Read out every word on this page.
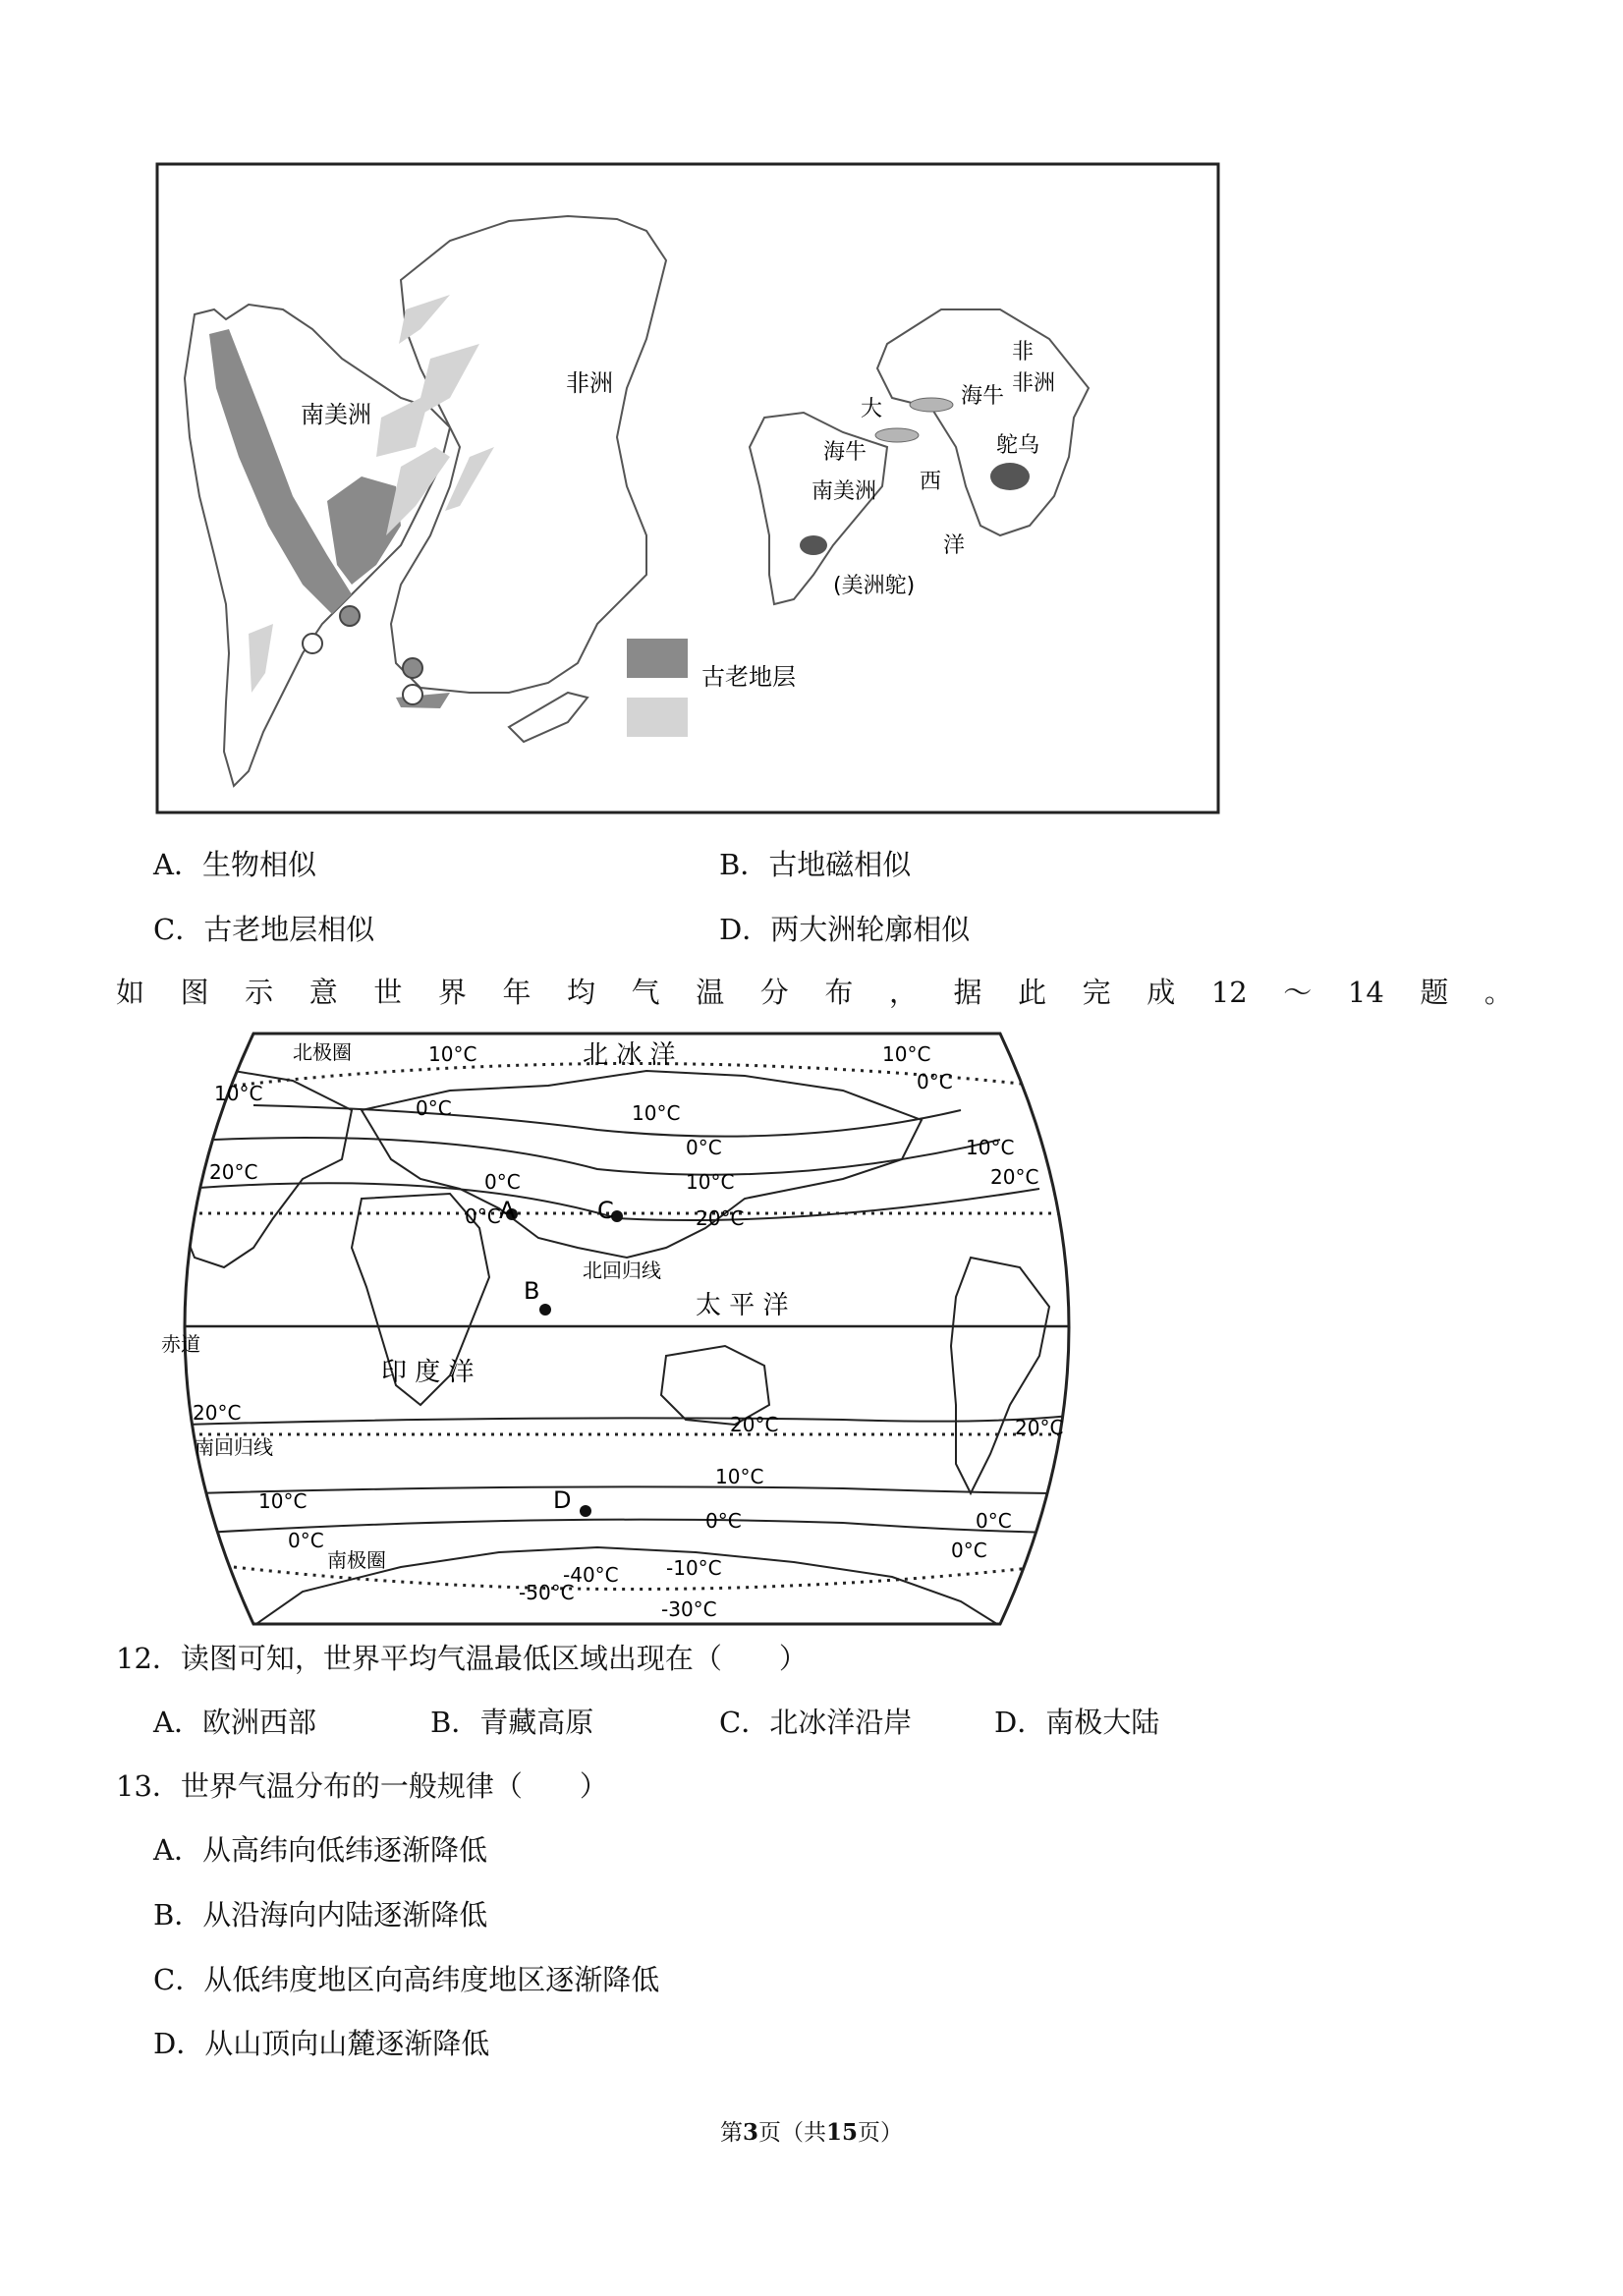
南美洲
非洲
古老地层
非
非洲
大
海牛
海牛
西
南美洲
鸵乌
洋
(美洲鸵)
A．生物相似	B．古地磁相似
C．古老地层相似	D．两大洲轮廓相似
如 图 示 意 世 界 年 均 气 温 分 布 ， 据 此 完 成 12 ～ 14 题 。
A
B
C
D
北极圈	北 冰 洋
北回归线
太 平 洋
赤道
印 度 洋
南回归线
南极圈
10°C
10°C
0°C	10°C
0°C
10°C
0°C
10°C
20°C
20°C	0°C
0°C
10°C
20°C
20°C	20°C	20°C
10°C
10°C
0°C	0°C
0°C	0°C
-40°C
-50°C
-10°C
-30°C
12．读图可知，世界平均气温最低区域出现在（　　）
A．欧洲西部	B．青藏高原	C．北冰洋沿岸	D．南极大陆
13．世界气温分布的一般规律（　　）
A．从高纬向低纬逐渐降低
B．从沿海向内陆逐渐降低
C．从低纬度地区向高纬度地区逐渐降低
D．从山顶向山麓逐渐降低
第3页（共15页）
